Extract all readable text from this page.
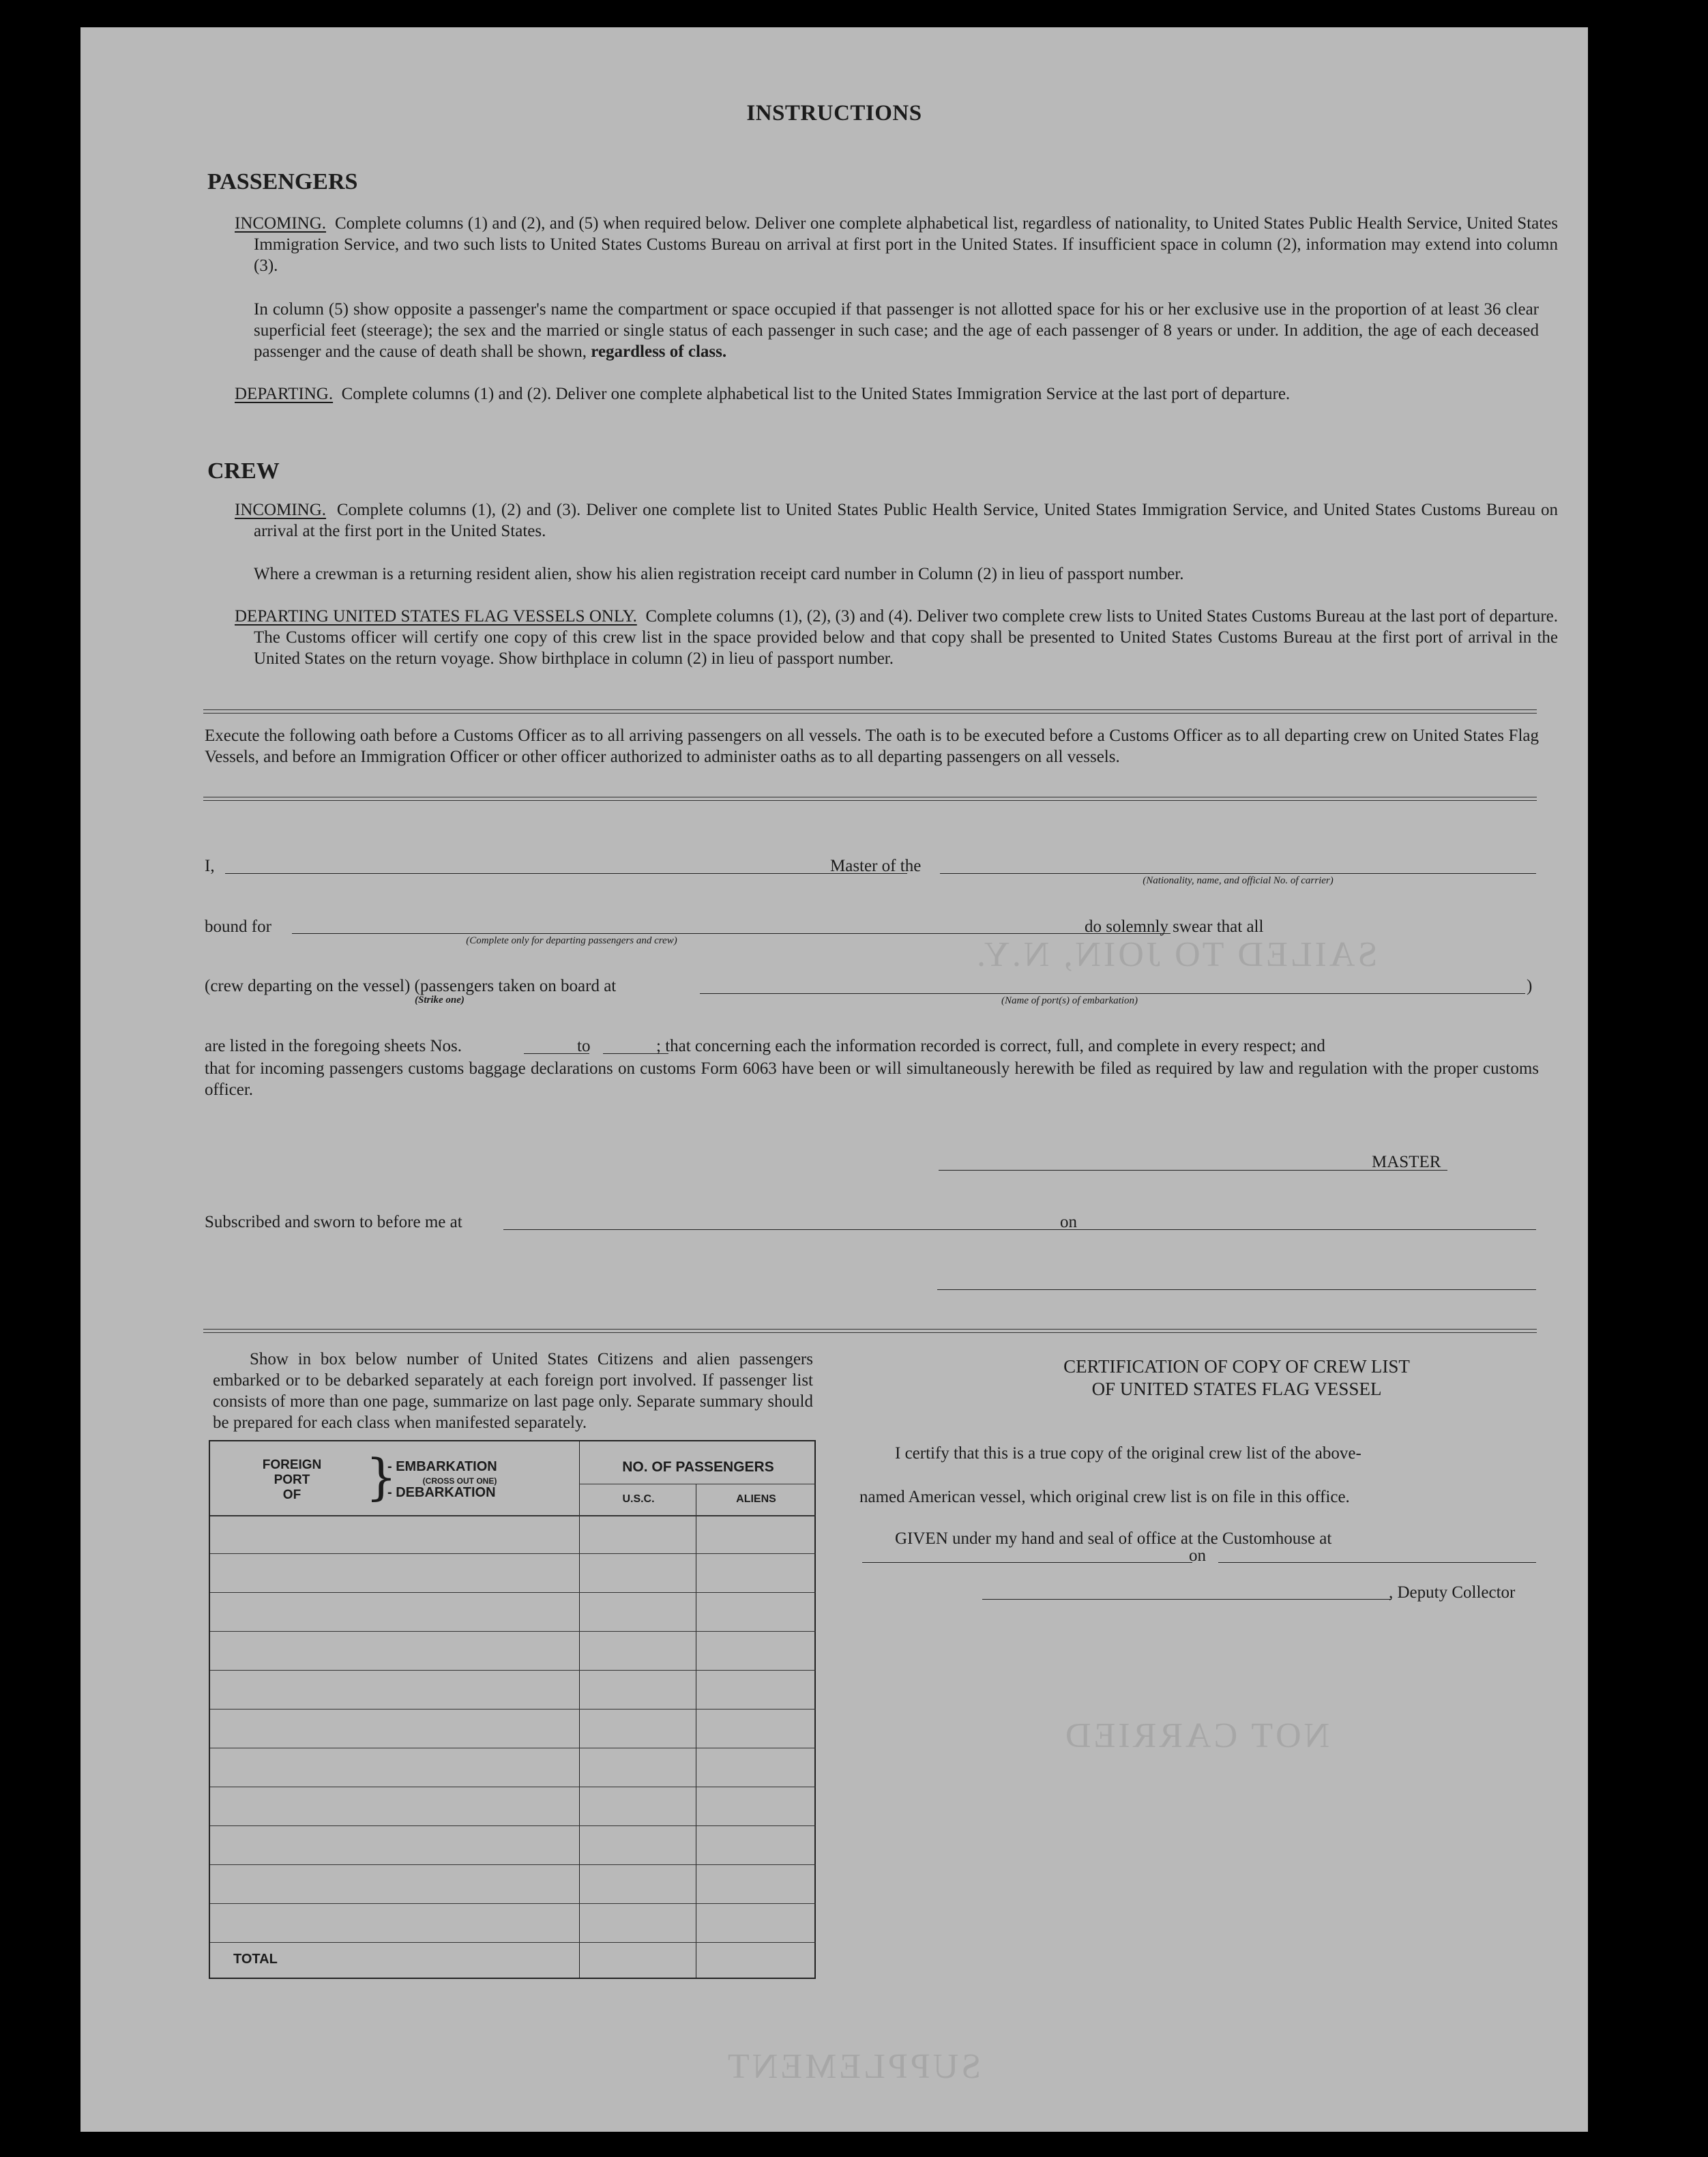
INSTRUCTIONS
SAILED TO JOIN, N.Y.
NOT CARRIED
SUPPLEMENT
PASSENGERS
INCOMING. Complete columns (1) and (2), and (5) when required below. Deliver one complete alphabetical list, regardless of nationality, to United States Public Health Service, United States Immigration Service, and two such lists to United States Customs Bureau on arrival at first port in the United States. If insufficient space in column (2), information may extend into column (3).
In column (5) show opposite a passenger's name the compartment or space occupied if that passenger is not allotted space for his or her exclusive use in the proportion of at least 36 clear superficial feet (steerage); the sex and the married or single status of each passenger in such case; and the age of each passenger of 8 years or under. In addition, the age of each deceased passenger and the cause of death shall be shown, regardless of class.
DEPARTING. Complete columns (1) and (2). Deliver one complete alphabetical list to the United States Immigration Service at the last port of departure.
CREW
INCOMING. Complete columns (1), (2) and (3). Deliver one complete list to United States Public Health Service, United States Immigration Service, and United States Customs Bureau on arrival at the first port in the United States.
Where a crewman is a returning resident alien, show his alien registration receipt card number in Column (2) in lieu of passport number.
DEPARTING UNITED STATES FLAG VESSELS ONLY. Complete columns (1), (2), (3) and (4). Deliver two complete crew lists to United States Customs Bureau at the last port of departure. The Customs officer will certify one copy of this crew list in the space provided below and that copy shall be presented to United States Customs Bureau at the first port of arrival in the United States on the return voyage. Show birthplace in column (2) in lieu of passport number.
Execute the following oath before a Customs Officer as to all arriving passengers on all vessels. The oath is to be executed before a Customs Officer as to all departing crew on United States Flag Vessels, and before an Immigration Officer or other officer authorized to administer oaths as to all departing passengers on all vessels.
I,	Master of the
(Nationality, name, and official No. of carrier)
bound for
(Complete only for departing passengers and crew)
do solemnly swear that all
(crew departing on the vessel) (passengers taken on board at
(Strike one)	(Name of port(s) of embarkation)
)
are listed in the foregoing sheets Nos.	to	; that concerning each the information recorded is correct, full, and complete in every respect; and
that for incoming passengers customs baggage declarations on customs Form 6063 have been or will simultaneously herewith be filed as required by law and regulation with the proper customs officer.
MASTER
Subscribed and sworn to before me at	on
Show in box below number of United States Citizens and alien passengers embarked or to be debarked separately at each foreign port involved. If passenger list consists of more than one page, summarize on last page only. Separate summary should be prepared for each class when manifested separately.
FOREIGN
PORT
OF	}
- EMBARKATION
(CROSS OUT ONE)
- DEBARKATION
NO. OF PASSENGERS
U.S.C.	ALIENS
TOTAL
CERTIFICATION OF COPY OF CREW LIST
OF UNITED STATES FLAG VESSEL
I certify that this is a true copy of the original crew list of the above-
named American vessel, which original crew list is on file in this office.
GIVEN under my hand and seal of office at the Customhouse at
on
, Deputy Collector
